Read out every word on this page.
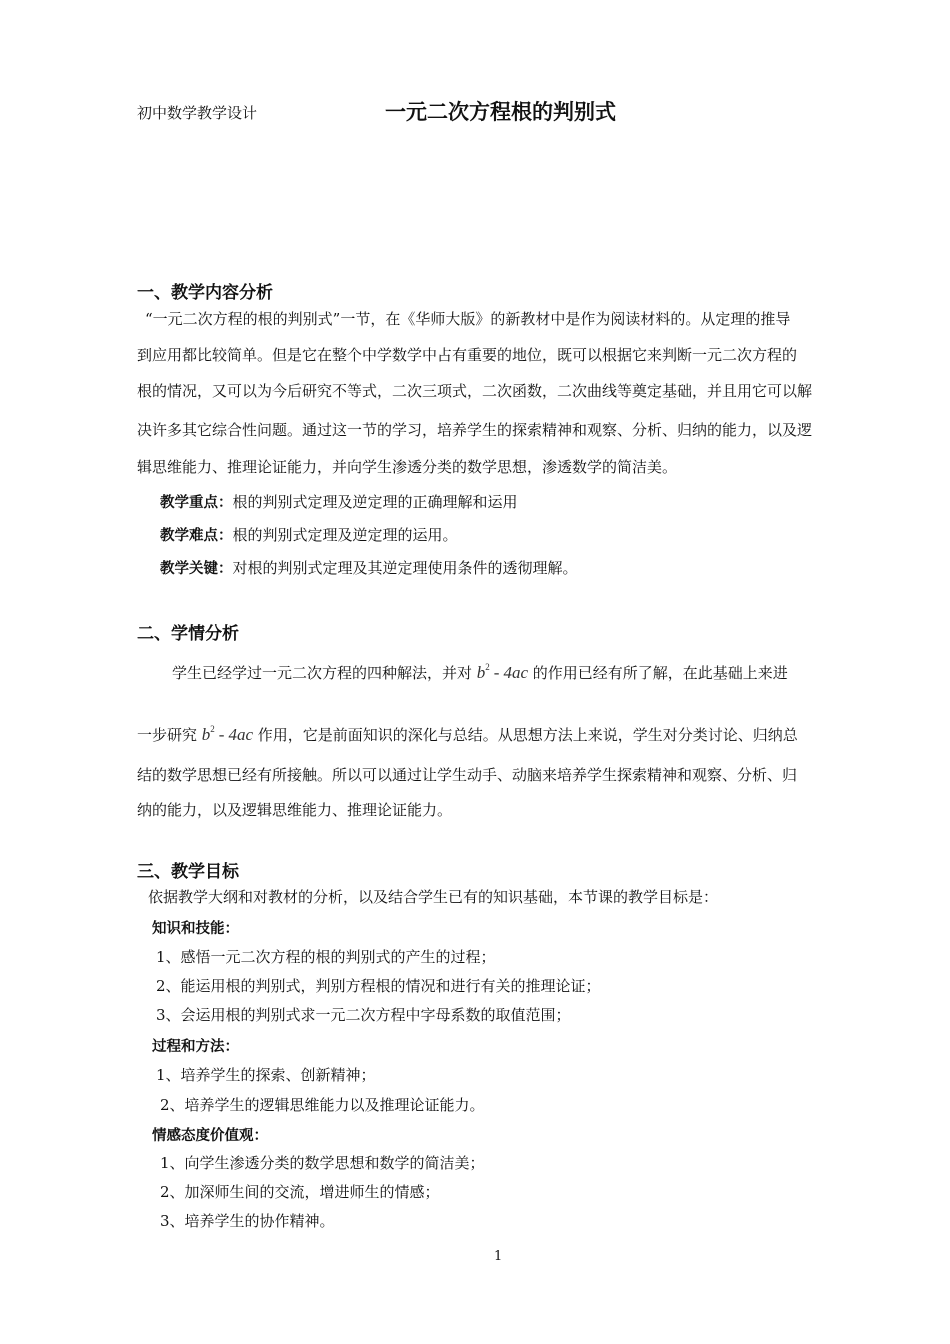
初中数学教学设计	一元二次方程根的判别式
一、教学内容分析
“一元二次方程的根的判别式”一节，在《华师大版》的新教材中是作为阅读材料的。从定理的推导
到应用都比较简单。但是它在整个中学数学中占有重要的地位，既可以根据它来判断一元二次方程的
根的情况，又可以为今后研究不等式，二次三项式，二次函数，二次曲线等奠定基础，并且用它可以解
决许多其它综合性问题。通过这一节的学习，培养学生的探索精神和观察、分析、归纳的能力，以及逻
辑思维能力、推理论证能力，并向学生渗透分类的数学思想，渗透数学的简洁美。
教学重点：根的判别式定理及逆定理的正确理解和运用
教学难点：根的判别式定理及逆定理的运用。
教学关键：对根的判别式定理及其逆定理使用条件的透彻理解。
二、学情分析
学生已经学过一元二次方程的四种解法，并对 $b^2 - 4ac$ 的作用已经有所了解，在此基础上来进
一步研究 $b^2 - 4ac$ 作用，它是前面知识的深化与总结。从思想方法上来说，学生对分类讨论、归纳总
结的数学思想已经有所接触。所以可以通过让学生动手、动脑来培养学生探索精神和观察、分析、归
纳的能力，以及逻辑思维能力、推理论证能力。
三、教学目标
依据教学大纲和对教材的分析，以及结合学生已有的知识基础，本节课的教学目标是：
知识和技能：
1、感悟一元二次方程的根的判别式的产生的过程；
2、能运用根的判别式，判别方程根的情况和进行有关的推理论证；
3、会运用根的判别式求一元二次方程中字母系数的取值范围；
过程和方法：
1、培养学生的探索、创新精神；
2、培养学生的逻辑思维能力以及推理论证能力。
情感态度价值观：
1、向学生渗透分类的数学思想和数学的简洁美；
2、加深师生间的交流，增进师生的情感；
3、培养学生的协作精神。
1
